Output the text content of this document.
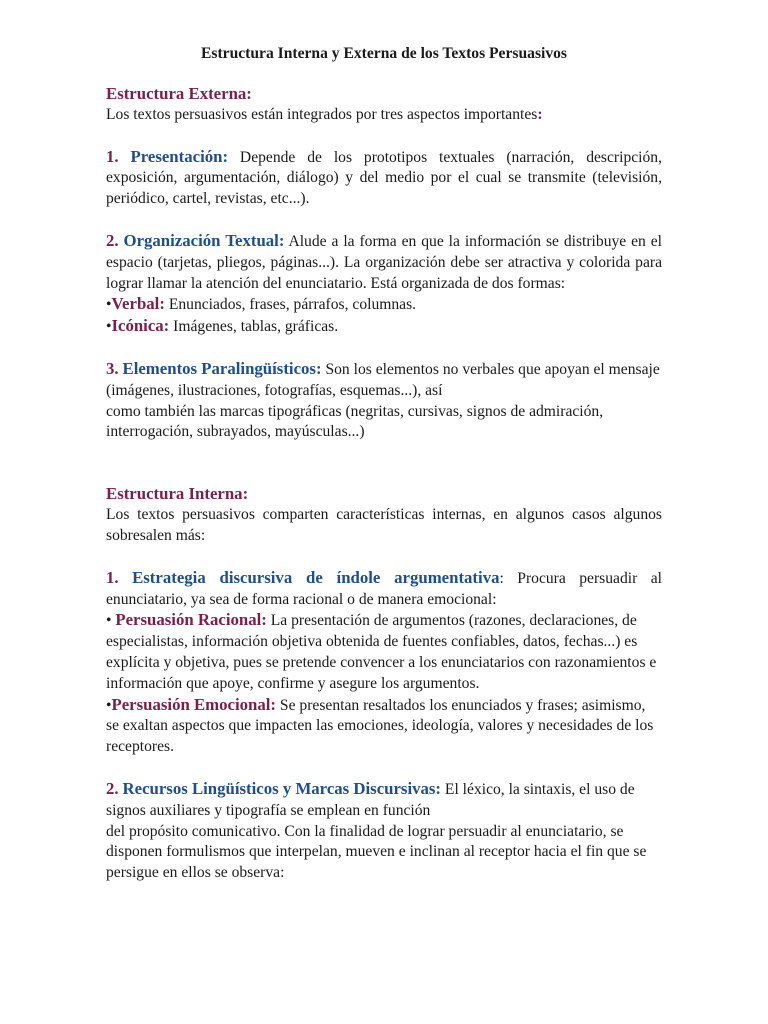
Estructura Interna y Externa de los Textos Persuasivos
Estructura Externa:

Los textos persuasivos están integrados por tres aspectos importantes:

1. Presentación: Depende de los prototipos textuales (narración, descripción, exposición, argumentación, diálogo) y del medio por el cual se transmite (televisión, periódico, cartel, revistas, etc...).

2. Organización Textual: Alude a la forma en que la información se distribuye en el espacio (tarjetas, pliegos, páginas...). La organización debe ser atractiva y colorida para lograr llamar la atención del enunciatario. Está organizada de dos formas:

•Verbal: Enunciados, frases, párrafos, columnas.

•Icónica: Imágenes, tablas, gráficas.

3. Elementos Paralingüísticos: Son los elementos no verbales que apoyan el mensaje (imágenes, ilustraciones, fotografías, esquemas...), así

como también las marcas tipográficas (negritas, cursivas, signos de admiración, interrogación, subrayados, mayúsculas...)

Estructura Interna:

Los textos persuasivos comparten características internas, en algunos casos algunos sobresalen más:

1. Estrategia discursiva de índole argumentativa: Procura persuadir al enunciatario, ya sea de forma racional o de manera emocional:

• Persuasión Racional: La presentación de argumentos (razones, declaraciones, de especialistas, información objetiva obtenida de fuentes confiables, datos, fechas...) es explícita y objetiva, pues se pretende convencer a los enunciatarios con razonamientos e información que apoye, confirme y asegure los argumentos.

•Persuasión Emocional: Se presentan resaltados los enunciados y frases; asimismo, se exaltan aspectos que impacten las emociones, ideología, valores y necesidades de los receptores.

2. Recursos Lingüísticos y Marcas Discursivas: El léxico, la sintaxis, el uso de signos auxiliares y tipografía se emplean en función

del propósito comunicativo. Con la finalidad de lograr persuadir al enunciatario, se disponen formulismos que interpelan, mueven e inclinan al receptor hacia el fin que se persigue en ellos se observa:
